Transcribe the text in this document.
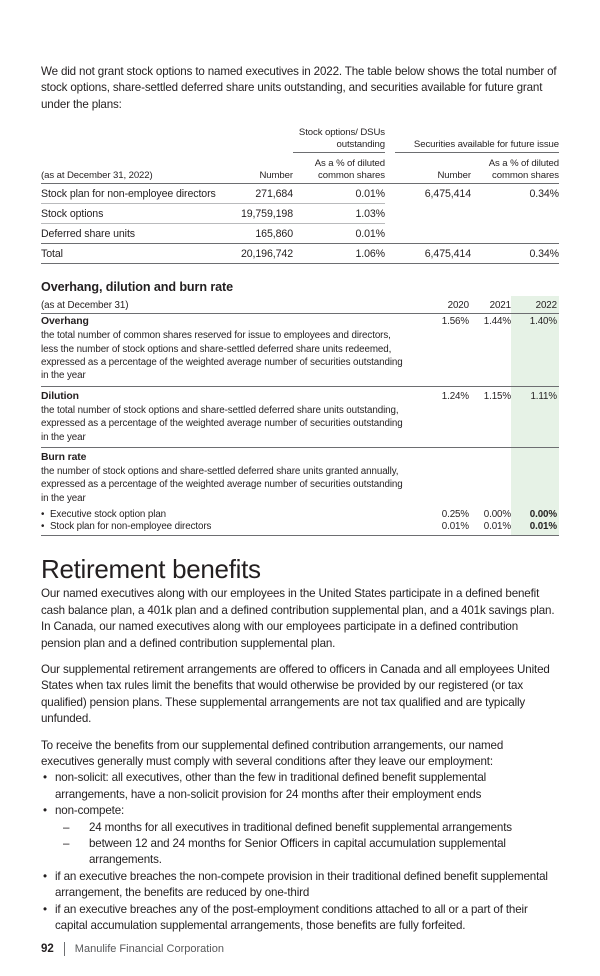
We did not grant stock options to named executives in 2022. The table below shows the total number of stock options, share-settled deferred share units outstanding, and securities available for future grant under the plans:

		Stock options/ DSUs outstanding		Securities available for future issue	
(as at December 31, 2022)	Number	As a % of diluted common shares		Number	As a % of diluted common shares
Stock plan for non-employee directors	271,684	0.01%		6,475,414	0.34%
Stock options	19,759,198	1.03%			
Deferred share units	165,860	0.01%			
Total	20,196,742	1.06%		6,475,414	0.34%
Overhang, dilution and burn rate
(as at December 31)	2020	2021	2022
Overhang	1.56%	1.44%	1.40%
the total number of common shares reserved for issue to employees and directors, less the number of stock options and share-settled deferred share units redeemed, expressed as a percentage of the weighted average number of securities outstanding in the year			
Dilution	1.24%	1.15%	1.11%
the total number of stock options and share-settled deferred share units outstanding, expressed as a percentage of the weighted average number of securities outstanding in the year			
Burn rate			
the number of stock options and share-settled deferred share units granted annually, expressed as a percentage of the weighted average number of securities outstanding in the year			
• Executive stock option plan	0.25%	0.00%	0.00%
• Stock plan for non-employee directors	0.01%	0.01%	0.01%
Retirement benefits

Our named executives along with our employees in the United States participate in a defined benefit cash balance plan, a 401k plan and a defined contribution supplemental plan, and a 401k savings plan. In Canada, our named executives along with our employees participate in a defined contribution pension plan and a defined contribution supplemental plan.

Our supplemental retirement arrangements are offered to officers in Canada and all employees United States when tax rules limit the benefits that would otherwise be provided by our registered (or tax qualified) pension plans. These supplemental arrangements are not tax qualified and are typically unfunded.

To receive the benefits from our supplemental defined contribution arrangements, our named executives generally must comply with several conditions after they leave our employment:

• non-solicit: all executives, other than the few in traditional defined benefit supplemental arrangements, have a non-solicit provision for 24 months after their employment ends
• non-compete:
– 24 months for all executives in traditional defined benefit supplemental arrangements
– between 12 and 24 months for Senior Officers in capital accumulation supplemental arrangements.
• if an executive breaches the non-compete provision in their traditional defined benefit supplemental arrangement, the benefits are reduced by one-third
• if an executive breaches any of the post-employment conditions attached to all or a part of their capital accumulation supplemental arrangements, those benefits are fully forfeited.
92 Manulife Financial Corporation
